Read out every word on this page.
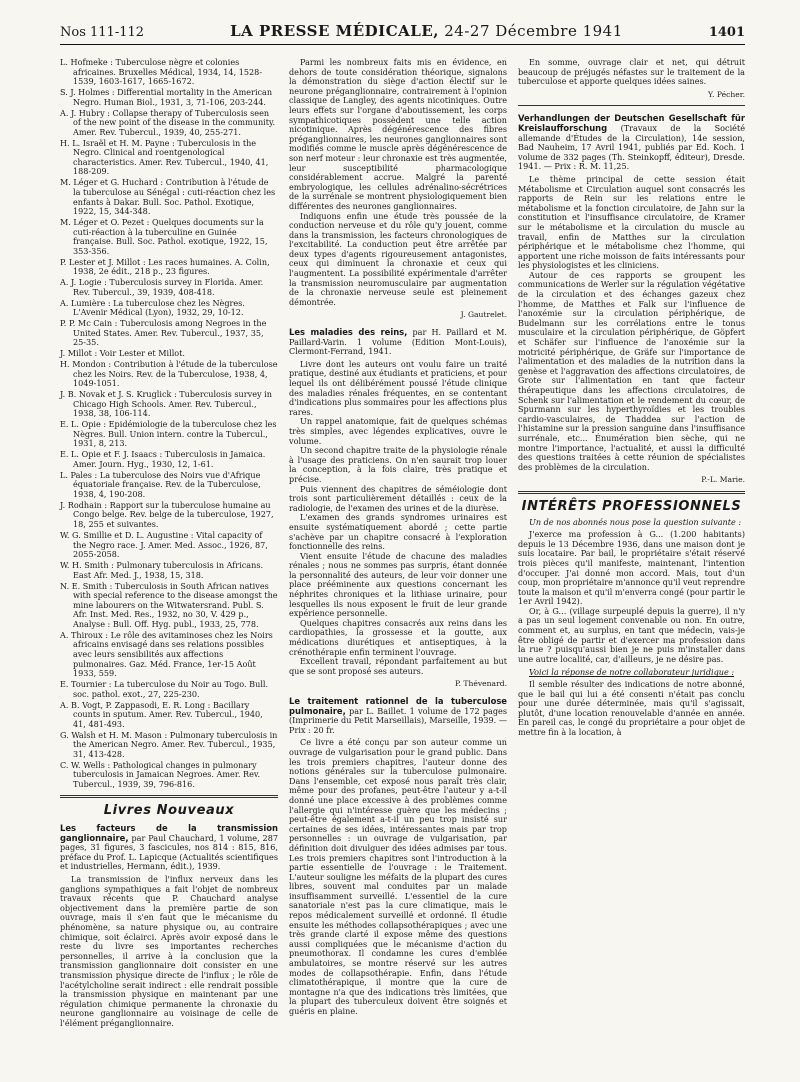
Nos 111-112	LA PRESSE MÉDICALE, 24-27 Décembre 1941	1401

L. Hofmeke : Tuberculose nègre et colonies africaines. Bruxelles Médical, 1934, 14, 1528-1539, 1603-1617, 1665-1672.

S. J. Holmes : Differential mortality in the American Negro. Human Biol., 1931, 3, 71-106, 203-244.

A. J. Hubry : Collapse therapy of Tuberculosis seen of the new point of the disease in the community. Amer. Rev. Tubercul., 1939, 40, 255-271.

H. L. Israël et H. M. Payne : Tuberculosis in the Negro. Clinical and roentgenological characteristics. Amer. Rev. Tubercul., 1940, 41, 188-209.

M. Léger et G. Huchard : Contribution à l'étude de la tuberculose au Sénégal : cuti-réaction chez les enfants à Dakar. Bull. Soc. Pathol. Exotique, 1922, 15, 344-348.

M. Léger et O. Pezet : Quelques documents sur la cuti-réaction à la tuberculine en Guinée française. Bull. Soc. Pathol. exotique, 1922, 15, 353-356.

P. Lester et J. Millot : Les races humaines. A. Colin, 1938, 2e édit., 218 p., 23 figures.

A. J. Logie : Tuberculosis survey in Florida. Amer. Rev. Tubercul., 39, 1939, 408-418.

A. Lumière : La tuberculose chez les Nègres. L'Avenir Médical (Lyon), 1932, 29, 10-12.

P. P. Mc Cain : Tuberculosis among Negroes in the United States. Amer. Rev. Tubercul., 1937, 35, 25-35.

J. Millot : Voir Lester et Millot.

H. Mondon : Contribution à l'étude de la tuberculose chez les Noirs. Rev. de la Tuberculose, 1938, 4, 1049-1051.

J. B. Novak et J. S. Kruglick : Tuberculosis survey in Chicago High Schools. Amer. Rev. Tubercul., 1938, 38, 106-114.

E. L. Opie : Epidémiologie de la tuberculose chez les Nègres. Bull. Union intern. contre la Tubercul., 1931, 8, 213.

E. L. Opie et F. J. Isaacs : Tuberculosis in Jamaica. Amer. Journ. Hyg., 1930, 12, 1-61.

L. Pales : La tuberculose des Noirs vue d'Afrique équatoriale française. Rev. de la Tuberculose, 1938, 4, 190-208.

J. Rodhain : Rapport sur la tuberculose humaine au Congo belge. Rev. belge de la tuberculose, 1927, 18, 255 et suivantes.

W. G. Smillie et D. L. Augustine : Vital capacity of the Negro race. J. Amer. Med. Assoc., 1926, 87, 2055-2058.

W. H. Smith : Pulmonary tuberculosis in Africans. East Afr. Med. J., 1938, 15, 318.

N. E. Smith : Tuberculosis in South African natives with special reference to the disease amongst the mine labourers on the Witwatersrand. Publ. S. Afr. Inst. Med. Res., 1932, no 30, V. 429 p., Analyse : Bull. Off. Hyg. publ., 1933, 25, 778.

A. Thiroux : Le rôle des avitaminoses chez les Noirs africains envisagé dans ses relations possibles avec leurs sensibilités aux affections pulmonaires. Gaz. Méd. France, 1er-15 Août 1933, 559.

E. Tournier : La tuberculose du Noir au Togo. Bull. soc. pathol. exot., 27, 225-230.

A. B. Vogt, P. Zappasodi, E. R. Long : Bacillary counts in sputum. Amer. Rev. Tubercul., 1940, 41, 481-493.

G. Walsh et H. M. Mason : Pulmonary tuberculosis in the American Negro. Amer. Rev. Tubercul., 1935, 31, 413-428.

C. W. Wells : Pathological changes in pulmonary tuberculosis in Jamaican Negroes. Amer. Rev. Tubercul., 1939, 39, 796-816.

Livres Nouveaux

Les facteurs de la transmission ganglionnaire, par Paul Chauchard, 1 volume, 287 pages, 31 figures, 3 fascicules, nos 814 : 815, 816, préface du Prof. L. Lapicque (Actualités scientifiques et industrielles, Hermann, édit.), 1939.

La transmission de l'influx nerveux dans les ganglions sympathiques a fait l'objet de nombreux travaux récents que P. Chauchard analyse objectivement dans la première partie de son ouvrage, mais il s'en faut que le mécanisme du phénomène, sa nature physique ou, au contraire chimique, soit éclairci. Après avoir exposé dans le reste du livre ses importantes recherches personnelles, il arrive à la conclusion que la transmission ganglionnaire doit consister en une transmission physique directe de l'influx ; le rôle de l'acétylcholine serait indirect : elle rendrait possible la transmission physique en maintenant par une régulation chimique permanente la chronaxie du neurone ganglionnaire au voisinage de celle de l'élément préganglionnaire.

Parmi les nombreux faits mis en évidence, en dehors de toute considération théorique, signalons la démonstration du siège d'action électif sur le neurone préganglionnaire, contrairement à l'opinion classique de Langley, des agents nicotiniques. Outre leurs effets sur l'organe d'aboutissement, les corps sympathicotiques possèdent une telle action nicotinique. Après dégénérescence des fibres préganglionnaires, les neurones ganglionnaires sont modifiés comme le muscle après dégénérescence de son nerf moteur : leur chronaxie est très augmentée, leur susceptibilité pharmacologique considérablement accrue. Malgré la parenté embryologique, les cellules adrénalino-sécrétrices de la surrénale se montrent physiologiquement bien différentes des neurones ganglionnaires.

Indiquons enfin une étude très poussée de la conduction nerveuse et du rôle qu'y jouent, comme dans la transmission, les facteurs chronologiques de l'excitabilité. La conduction peut être arrêtée par deux types d'agents rigoureusement antagonistes, ceux qui diminuent la chronaxie et ceux qui l'augmentent. La possibilité expérimentale d'arrêter la transmission neuromusculaire par augmentation de la chronaxie nerveuse seule est pleinement démontrée.

J. Gautrelet.

Les maladies des reins, par H. Paillard et M. Paillard-Varin. 1 volume (Edition Mont-Louis), Clermont-Ferrand, 1941.

Livre dont les auteurs ont voulu faire un traité pratique, destiné aux étudiants et praticiens, et pour lequel ils ont délibérément poussé l'étude clinique des maladies rénales fréquentes, en se contentant d'indications plus sommaires pour les affections plus rares.

Un rappel anatomique, fait de quelques schémas très simples, avec légendes explicatives, ouvre le volume.

Un second chapitre traite de la physiologie rénale à l'usage des praticiens. On n'en saurait trop louer la conception, à la fois claire, très pratique et précise.

Puis viennent des chapitres de séméiologie dont trois sont particulièrement détaillés : ceux de la radiologie, de l'examen des urines et de la diurèse.

L'examen des grands syndromes urinaires est ensuite systématiquement abordé ; cette partie s'achève par un chapitre consacré à l'exploration fonctionnelle des reins.

Vient ensuite l'étude de chacune des maladies rénales ; nous ne sommes pas surpris, étant donnée la personnalité des auteurs, de leur voir donner une place prééminente aux questions concernant les néphrites chroniques et la lithiase urinaire, pour lesquelles ils nous exposent le fruit de leur grande expérience personnelle.

Quelques chapitres consacrés aux reins dans les cardiopathies, la grossesse et la goutte, aux médications diurétiques et antiseptiques, à la crénothérapie enfin terminent l'ouvrage.

Excellent travail, répondant parfaitement au but que se sont proposé ses auteurs.

P. Thévenard.

Le traitement rationnel de la tuberculose pulmonaire, par L. Baillet. 1 volume de 172 pages (Imprimerie du Petit Marseillais), Marseille, 1939. — Prix : 20 fr.

Ce livre a été conçu par son auteur comme un ouvrage de vulgarisation pour le grand public. Dans les trois premiers chapitres, l'auteur donne des notions générales sur la tuberculose pulmonaire. Dans l'ensemble, cet exposé nous paraît très clair, même pour des profanes, peut-être l'auteur y a-t-il donné une place excessive à des problèmes comme l'allergie qui n'intéresse guère que les médecins ; peut-être également a-t-il un peu trop insisté sur certaines de ses idées, intéressantes mais par trop personnelles : un ouvrage de vulgarisation, par définition doit divulguer des idées admises par tous. Les trois premiers chapitres sont l'introduction à la partie essentielle de l'ouvrage : le Traitement. L'auteur souligne les méfaits de la plupart des cures libres, souvent mal conduites par un malade insuffisamment surveillé. L'essentiel de la cure sanatoriale n'est pas la cure climatique, mais le repos médicalement surveillé et ordonné. Il étudie ensuite les méthodes collapsothérapiques ; avec une très grande clarté il expose même des questions aussi compliquées que le mécanisme d'action du pneumothorax. Il condamne les cures d'emblée ambulatoires, se montre réservé sur les autres modes de collapsothérapie. Enfin, dans l'étude climatothérapique, il montre que la cure de montagne n'a que des indications très limitées, que la plupart des tuberculeux doivent être soignés et guéris en plaine.

En somme, ouvrage clair et net, qui détruit beaucoup de préjugés néfastes sur le traitement de la tuberculose et apporte quelques idées saines.

Y. Pécher.

Verhandlungen der Deutschen Gesellschaft für Kreislaufforschung (Travaux de la Société allemande d'Études de la Circulation), 14e session, Bad Nauheim, 17 Avril 1941, publiés par Ed. Koch. 1 volume de 332 pages (Th. Steinkopff, éditeur), Dresde. 1941. — Prix : R. M. 11,25.

Le thème principal de cette session était Métabolisme et Circulation auquel sont consacrés les rapports de Rein sur les relations entre le métabolisme et la fonction circulatoire, de Jahn sur la constitution et l'insuffisance circulatoire, de Kramer sur le métabolisme et la circulation du muscle au travail, enfin de Matthes sur la circulation périphérique et le métabolisme chez l'homme, qui apportent une riche moisson de faits intéressants pour les physiologistes et les cliniciens.

Autour de ces rapports se groupent les communications de Werler sur la régulation végétative de la circulation et des échanges gazeux chez l'homme, de Matthes et Falk sur l'influence de l'anoxémie sur la circulation périphérique, de Budelmann sur les corrélations entre le tonus musculaire et la circulation périphérique, de Göpfert et Schäfer sur l'influence de l'anoxémie sur la motricité périphérique, de Gräfe sur l'importance de l'alimentation et des maladies de la nutrition dans la genèse et l'aggravation des affections circulatoires, de Grote sur l'alimentation en tant que facteur thérapeutique dans les affections circulatoires, de Schenk sur l'alimentation et le rendement du cœur, de Spurmann sur les hyperthyroïdies et les troubles cardio-vasculaires, de Thaddea sur l'action de l'histamine sur la pression sanguine dans l'insuffisance surrénale, etc... Énumération bien sèche, qui ne montre l'importance, l'actualité, et aussi la difficulté des questions traitées à cette réunion de spécialistes des problèmes de la circulation.

P.-L. Marie.
INTÉRÊTS PROFESSIONNELS

Un de nos abonnés nous pose la question suivante :

J'exerce ma profession à G... (1.200 habitants) depuis le 13 Décembre 1936, dans une maison dont je suis locataire. Par bail, le propriétaire s'était réservé trois pièces qu'il manifeste, maintenant, l'intention d'occuper. J'ai donné mon accord. Mais, tout d'un coup, mon propriétaire m'annonce qu'il veut reprendre toute la maison et qu'il m'enverra congé (pour partir le 1er Avril 1942).

Or, à G... (village surpeuplé depuis la guerre), il n'y a pas un seul logement convenable ou non. En outre, comment et, au surplus, en tant que médecin, vais-je être obligé de partir et d'exercer ma profession dans la rue ? puisqu'aussi bien je ne puis m'installer dans une autre localité, car, d'ailleurs, je ne désire pas.

Voici la réponse de notre collaborateur juridique :

Il semble résulter des indications de notre abonné, que le bail qui lui a été consenti n'était pas conclu pour une durée déterminée, mais qu'il s'agissait, plutôt, d'une location renouvelable d'année en année. En pareil cas, le congé du propriétaire a pour objet de mettre fin à la location, à
